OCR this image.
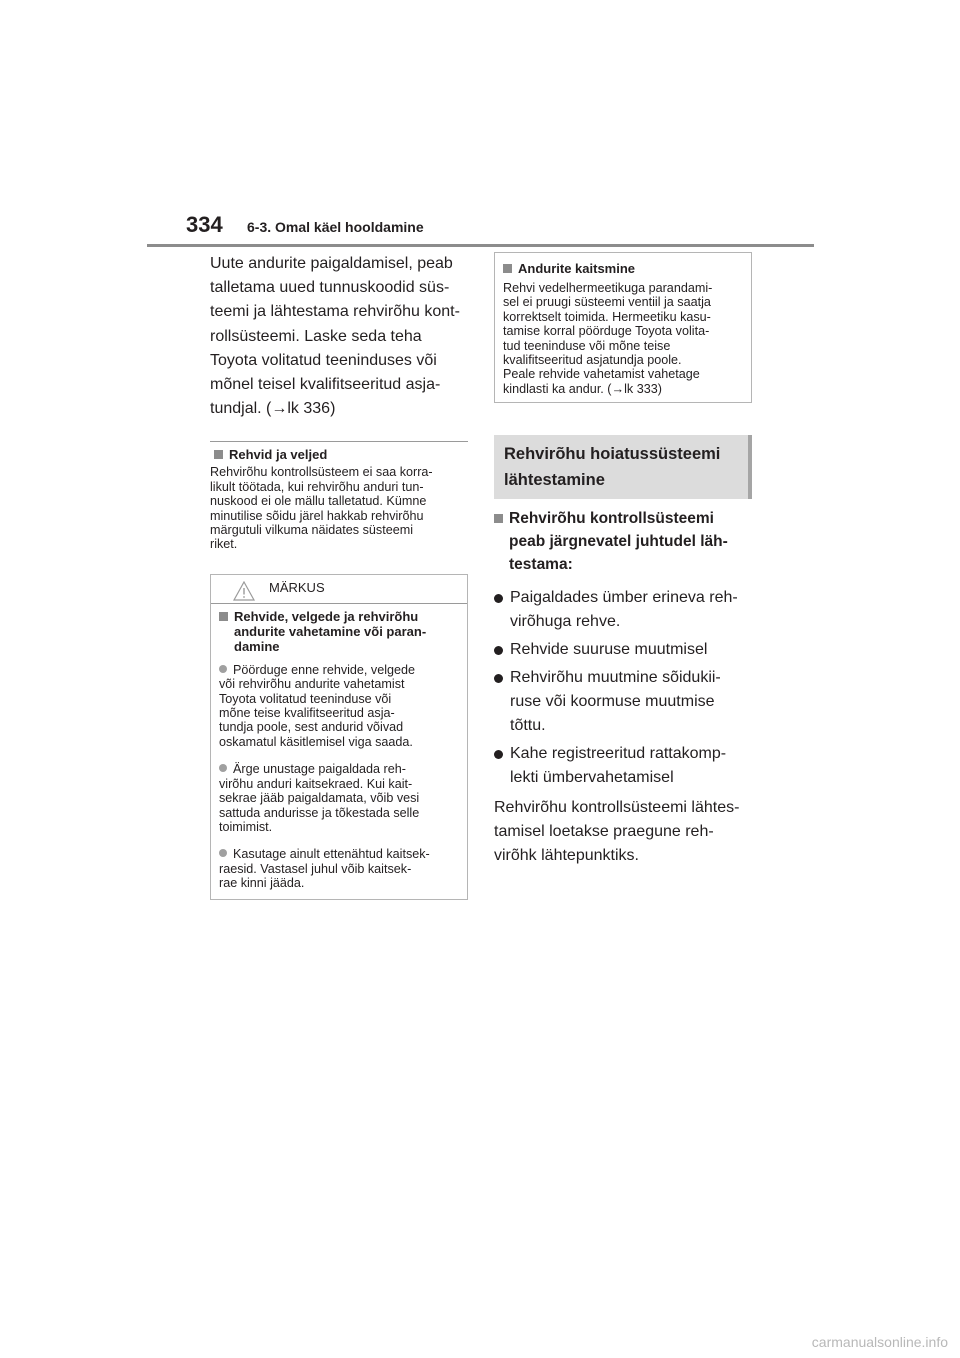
334 6-3. Omal käel hooldamine

Uute andurite paigaldamisel, peab

talletama uued tunnuskoodid süs-

teemi ja lähtestama rehvirõhu kont-

rollsüsteemi. Laske seda teha

Toyota volitatud teeninduses või

mõnel teisel kvalifitseeritud asja-

tundjal. (→lk 336)

Rehvid ja veljed

Rehvirõhu kontrollsüsteem ei saa korra-

likult töötada, kui rehvirõhu anduri tun-

nuskood ei ole mällu talletatud. Kümne

minutilise sõidu järel hakkab rehvirõhu

märgutuli vilkuma näidates süsteemi

riket.

MÄRKUS

Rehvide, velgede ja rehvirõhu

andurite vahetamine või paran-

damine

Pöörduge enne rehvide, velgede

või rehvirõhu andurite vahetamist

Toyota volitatud teeninduse või

mõne teise kvalifitseeritud asja-

tundja poole, sest andurid võivad

oskamatul käsitlemisel viga saada.

Ärge unustage paigaldada reh-

virõhu anduri kaitsekraed. Kui kait-

sekrae jääb paigaldamata, võib vesi

sattuda andurisse ja tõkestada selle

toimimist.

Kasutage ainult ettenähtud kaitsek-

raesid. Vastasel juhul võib kaitsek-

rae kinni jääda.

Andurite kaitsmine

Rehvi vedelhermeetikuga parandami-

sel ei pruugi süsteemi ventiil ja saatja

korrektselt toimida. Hermeetiku kasu-

tamise korral pöörduge Toyota volita-

tud teeninduse või mõne teise

kvalifitseeritud asjatundja poole.

Peale rehvide vahetamist vahetage

kindlasti ka andur. (→lk 333)

Rehvirõhu hoiatussüsteemi

lähtestamine

Rehvirõhu kontrollsüsteemi

peab järgnevatel juhtudel läh-

testama:

Paigaldades ümber erineva reh-
virõhuga rehve.
Rehvide suuruse muutmisel
Rehvirõhu muutmine sõidukii-
ruse või koormuse muutmise
tõttu.
Kahe registreeritud rattakomp-
lekti ümbervahetamisel

Rehvirõhu kontrollsüsteemi lähtes-

tamisel loetakse praegune reh-

virõhk lähtepunktiks.

carmanualsonline.info
